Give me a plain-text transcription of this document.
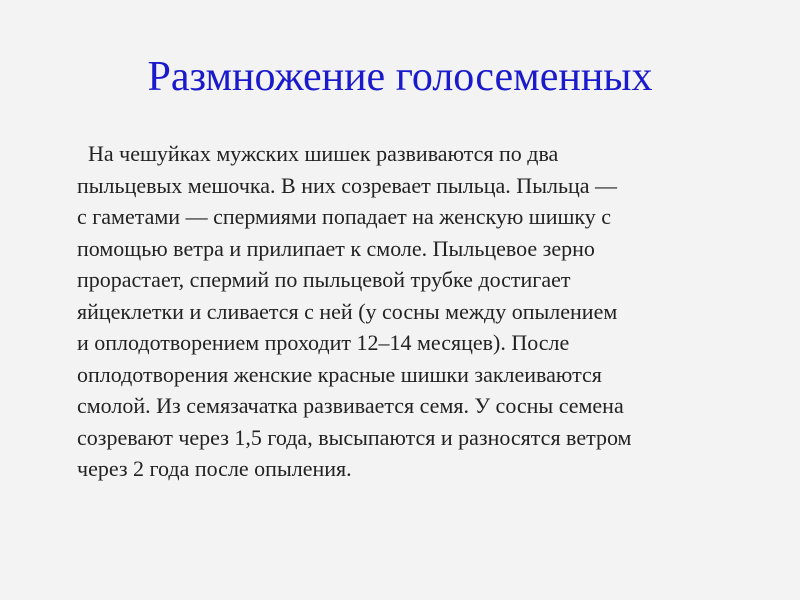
Размножение голосеменных
На чешуйках мужских шишек развиваются по два
пыльцевых мешочка. В них созревает пыльца. Пыльца —
с гаметами — спермиями попадает на женскую шишку с
помощью ветра и прилипает к смоле. Пыльцевое зерно
прорастает, спермий по пыльцевой трубке достигает
яйцеклетки и сливается с ней (у сосны между опылением
и оплодотворением проходит 12–14 месяцев). После
оплодотворения женские красные шишки заклеиваются
смолой. Из семязачатка развивается семя. У сосны семена
созревают через 1,5 года, высыпаются и разносятся ветром
через 2 года после опыления.
